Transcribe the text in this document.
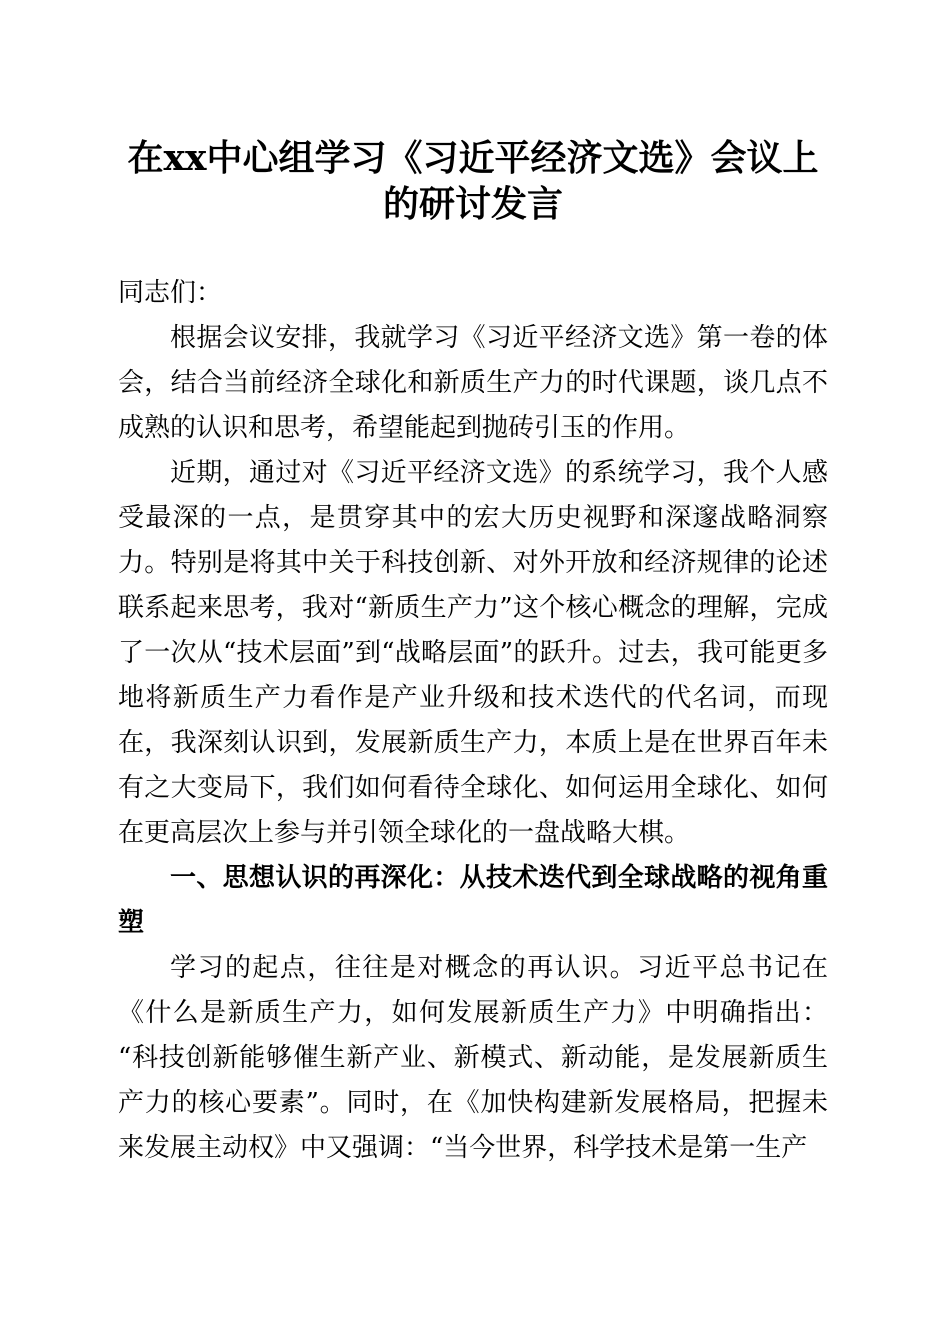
在xx中心组学习《习近平经济文选》会议上的研讨发言

同志们：

根据会议安排，我就学习《习近平经济文选》第一卷的体会，结合当前经济全球化和新质生产力的时代课题，谈几点不成熟的认识和思考，希望能起到抛砖引玉的作用。

近期，通过对《习近平经济文选》的系统学习，我个人感受最深的一点，是贯穿其中的宏大历史视野和深邃战略洞察力。特别是将其中关于科技创新、对外开放和经济规律的论述联系起来思考，我对“新质生产力”这个核心概念的理解，完成了一次从“技术层面”到“战略层面”的跃升。过去，我可能更多地将新质生产力看作是产业升级和技术迭代的代名词，而现在，我深刻认识到，发展新质生产力，本质上是在世界百年未有之大变局下，我们如何看待全球化、如何运用全球化、如何在更高层次上参与并引领全球化的一盘战略大棋。

一、思想认识的再深化：从技术迭代到全球战略的视角重塑

学习的起点，往往是对概念的再认识。习近平总书记在《什么是新质生产力，如何发展新质生产力》中明确指出：“科技创新能够催生新产业、新模式、新动能，是发展新质生产力的核心要素”。同时，在《加快构建新发展格局，把握未来发展主动权》中又强调：“当今世界，科学技术是第一生产
